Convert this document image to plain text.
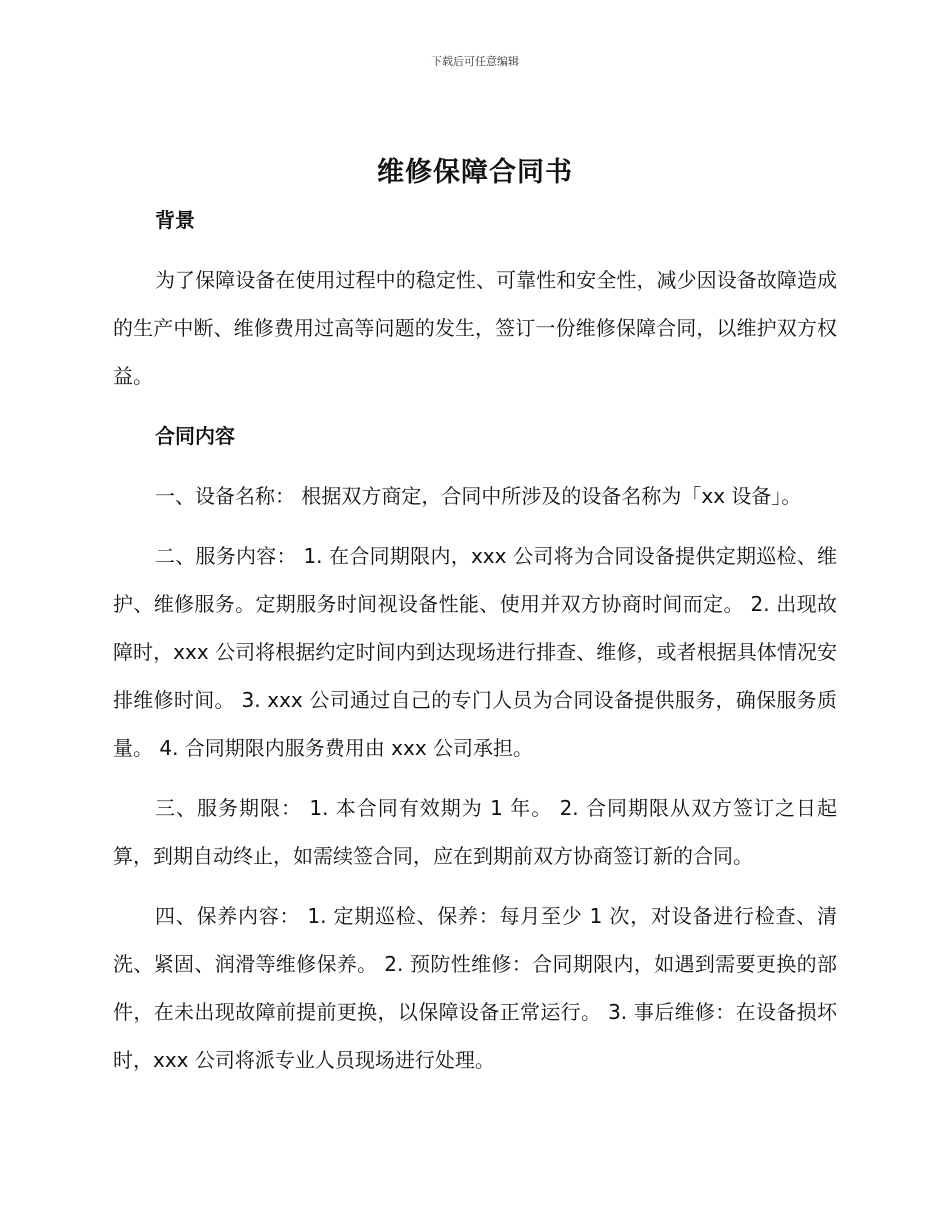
下载后可任意编辑
维修保障合同书

背景

为了保障设备在使用过程中的稳定性、可靠性和安全性，减少因设备故障造成的生产中断、维修费用过高等问题的发生，签订一份维修保障合同，以维护双方权益。

合同内容

一、设备名称： 根据双方商定，合同中所涉及的设备名称为「xx 设备」。

二、服务内容： 1. 在合同期限内，xxx 公司将为合同设备提供定期巡检、维护、维修服务。定期服务时间视设备性能、使用并双方协商时间而定。 2. 出现故障时，xxx 公司将根据约定时间内到达现场进行排查、维修，或者根据具体情况安排维修时间。 3. xxx 公司通过自己的专门人员为合同设备提供服务，确保服务质量。 4. 合同期限内服务费用由 xxx 公司承担。

三、服务期限： 1. 本合同有效期为 1 年。 2. 合同期限从双方签订之日起算，到期自动终止，如需续签合同，应在到期前双方协商签订新的合同。

四、保养内容： 1. 定期巡检、保养：每月至少 1 次，对设备进行检查、清洗、紧固、润滑等维修保养。 2. 预防性维修：合同期限内，如遇到需要更换的部件，在未出现故障前提前更换，以保障设备正常运行。 3. 事后维修：在设备损坏时，xxx 公司将派专业人员现场进行处理。
